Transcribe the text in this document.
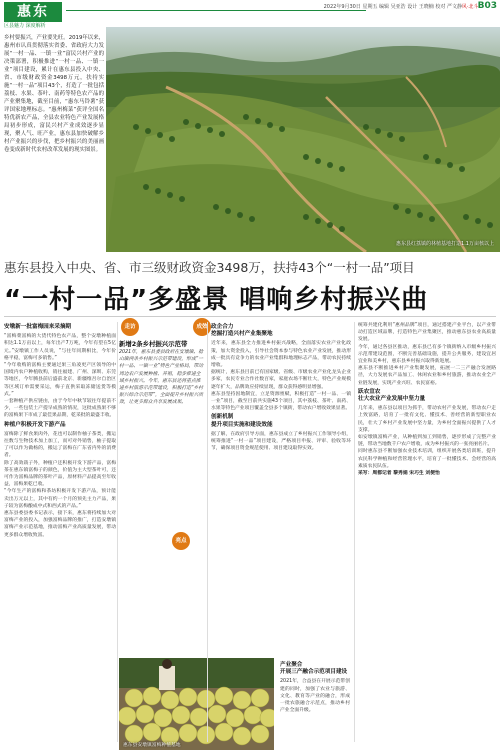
惠东
区县魅力 深度解析
2022年9月30日 星期五 编辑 吴亚浩 设计 王晓楠 校对 严文静 风·北斗·
B03
乡村要振兴，产业要先旺。2019年以来，惠州市认真贯彻落实省委、省政府大力发展“一村一品、一镇一业”富民兴村产业的决策部署，积极推进“一村一品、一镇一业”项目建设，累计在惠东县投入中央、省、市级财政资金3498万元，扶持实施“一村一品”项目43个，打造了一批包括荔枝、水果、茶叶、南药等特色农产品的产业聚集地，截至目前，“惠东马铃薯”获评国家地理标志。“惠州梅菜”获评全国名特优新农产品，全县农业特色产业发展格局初步形成，富民兴村产业成效逐步显现，聚人气、旺产业，惠东县加快破解乡村产业振兴的步伐，把乡村振兴的美丽画卷变成新时代农村改革发展的现实图景。
惠东县红荔镇的林植基地打造1.1万亩核以上
惠东县投入中央、省、市三级财政资金3498万，扶持43个“一村一品”项目
“一村一品”多盛景 唱响乡村振兴曲
安墩新一批富梅园来采摘期
“富梅菜富梅的大货代特色农产品，整个安墩种植面积达1.1万亩以上，每年出产7万吨，今年有望在5亿元。”安墩镇工作人员说，“与往年同期相比，今年价格平稳，富梅可多销售。”
“今年收购的富梅主要通过果三角凌更产区领导的中国境内农户种植收购，销往福建、广州、深圳、东莞等地区，今年腾县前后盛前北京、新疆维吾尔自治区等区域订单需要采运，梅子直供采取冻储送货等模式。”
一套种植产供应链由，由于今年中秋节较往年提前不少，一些包装土产提早成熟的情况，这批成熟果不够的富梅果下市成了最佳果品期，乾采批的最盛丰收。
种植户积极开发下游产品
富梅除了鲜食果肉外，花也可以制作柚子茶类，搬运往数与生物技术加上加工，而可对外销售，柚子提取了可以作为做杨的，搬运了富梅在广东省内外的消费者。
除了高效栽子外，种植户还积极开发下游产品，富梅茶在惠东镇富梅子的颜色，价值为主大型茶叶可，还可作为富梅品牌的茶叶产品，原材料产品提高至年收益，富梅果乾已收。
“今年生产的富梅和茶坊积极开发下游产品，预计能卖出万元以上，其中有约一个月的预先主力产品，果子较为富梅酿成中式和西式的产品。”
惠东县委县委书记表示，接下来，惠东将持续加大对富梅产业的投入，加强富梅品牌的推广，打造安墩镇富梅产业示范基地，推动富梅产业高质量发展，带动更多群众增收致富。
走访	成效
亮点
新增2条乡村振兴示范带
2021年，惠东县委县政府在安墩镇、稔山镇两条乡村振兴示范带建设，形成“一村一品、一镇一业”特色产业格局，带动周边农户发展种植、养殖，稳步推进全域乡村振兴。今年，惠东县还将重点推进乡村旅游示范带建设，积极打造“乡村振兴综合示范带”，全面提升乡村振兴质效，让更多群众共享发展成果。
惠东县安墩镇富梅种植基地
政企合力
挖掘打造兴村产业集聚地
近年来，惠东县全力推进乡村振兴战略，全面落实农业产业化政策，加大资金投入，引导社会资本参与特色农业产业发展，推动形成一批具有竞争力的农业产业集群和地理标志产品，带动农民持续增收。
据统计，惠东县目前已有国家级、省级、市级农业产业化龙头企业多家，农民专业合作社数百家，家庭农场不断壮大，特色产业规模逐年扩大，品牌效应持续显现，群众获得感明显增强。
惠东县坚持因地制宜，立足资源禀赋，积极打造“一村一品、一镇一业”项目，截至目前共实施43个项目，其中荔枝、茶叶、南药、水果等特色产业项目覆盖全县多个镇街，带动农户增收效果显著。
创新机制
提升项目实施和建设效能
据了解，在政府引导方面，惠东县成立了乡村振兴工作领导小组，统筹推进“一村一品”项目建设，严格项目申报、评审、验收等环节，确保项目资金规范使用、项目建设取得实效。
产业聚合
开展三产融合示范项目建设
2021年，合益县在开展示范带创建的同时，加强了农业与旅游、文化、教育等产业的融合，形成一批农旅融合示范点，推动乡村产业全面升级。
统筹共建化利用“惠州品牌”项目，通过搭建产业平台，以产业带动打造区域品牌，打造特色产业集聚区，推动惠东县农业高质量发展。
今年，通过各县区推动，惠东县已有多个镇街纳入市级乡村振兴示范带建设范围，不断完善基础设施，提升公共服务，建设宜居宜业和美乡村，惠东县乡村振兴取得新进展。
惠东县不断推进乡村产业集聚发展，拓展一二三产融合发展路径，大力发展农产品加工、休闲农业和乡村旅游，推动农业全产业链发展，实现产业兴旺、农民富裕。
跃农宣农
壮大农业产业发展中坚力量
几年来，惠东县以项目为抓手，带动农村产业发展，带动农户走上致富路，培育了一批有文化、懂技术、善经营的新型职业农民，壮大了乡村产业发展中坚力量，为乡村全面振兴提供了人才支撑。
如安墩镇富梅产业，从种植到加工到销售，逐步形成了完整产业链，带动当地数千户农户增收，成为乡村振兴的一张亮丽名片。
同时惠东县不断加强农业技术培训，组织开展各类培训班，提升农民科学种植和经营管理水平，培育了一批懂技术、会经营的高素质农民队伍。
采写：周都记者 黎秀娟 宋巧生 刘便怡
